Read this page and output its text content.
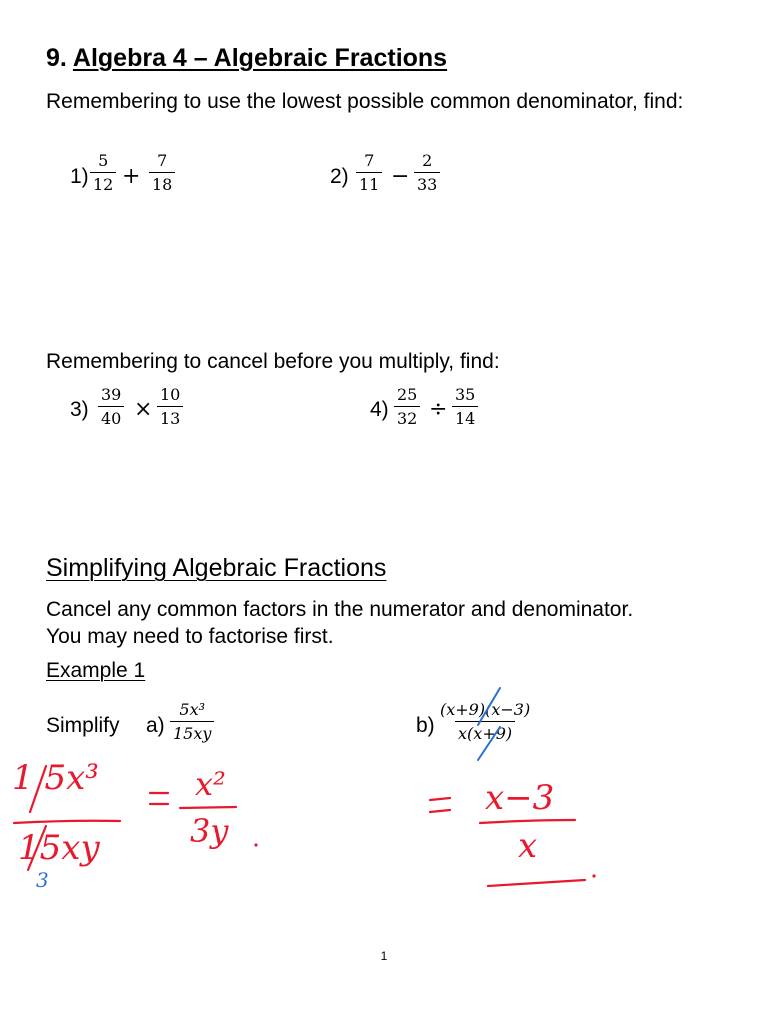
9. Algebra 4 – Algebraic Fractions
Remembering to use the lowest possible common denominator, find:
$1) \frac{5}{12} + \frac{7}{18}$	$2) \frac{7}{11} - \frac{2}{33}$
Remembering to cancel before you multiply, find:
$3) \frac{39}{40} \times \frac{10}{13}$	$4) \frac{25}{32} \div \frac{35}{14}$
Simplifying Algebraic Fractions
Cancel any common factors in the numerator and denominator.
You may need to factorise first.
Example 1
Simplify $a) \frac{\text{5x³}}{15xy}$	$b) \frac{(x+9)(x-3)}{x(x+9)}$
1 5x³
15xy
3
x²
3y
x−3
x
1
